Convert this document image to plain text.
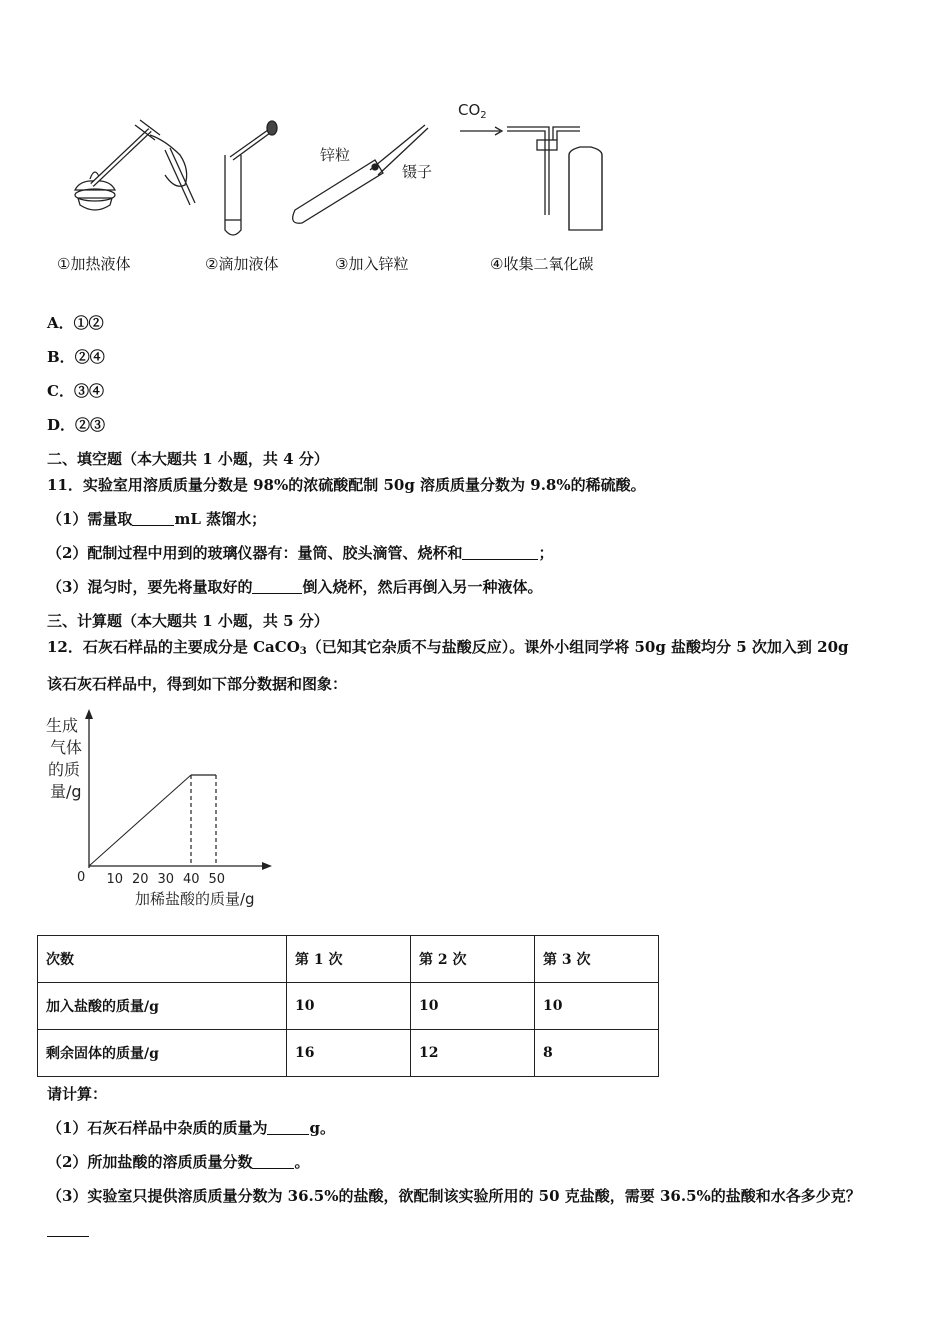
锌粒
镊子
$CO_2$
①加热液体	②滴加液体	③加入锌粒	④收集二氧化碳
A．①②
B．②④
C．③④
D．②③
二、填空题（本大题共 1 小题，共 4 分）
11．实验室用溶质质量分数是 98%的浓硫酸配制 50g 溶质质量分数为 9.8%的稀硫酸。
（1）需量取	mL 蒸馏水；
（2）配制过程中用到的玻璃仪器有：量筒、胶头滴管、烧杯和	；
（3）混匀时，要先将量取好的	倒入烧杯，然后再倒入另一种液体。
三、计算题（本大题共 1 小题，共 5 分）
12．石灰石样品的主要成分是 CaCO$_3$（已知其它杂质不与盐酸反应）。课外小组同学将 50g 盐酸均分 5 次加入到 20g
该石灰石样品中，得到如下部分数据和图象：
生成
气体
的质
量/g
0 10 20 30 40 50
加稀盐酸的质量/g
次数	第 1 次	第 2 次	第 3 次
加入盐酸的质量/g	10	10	10
剩余固体的质量/g	16	12	8
请计算：
（1）石灰石样品中杂质的质量为	g。
（2）所加盐酸的溶质质量分数	。
（3）实验室只提供溶质质量分数为 36.5%的盐酸，欲配制该实验所用的 50 克盐酸，需要 36.5%的盐酸和水各多少克？
